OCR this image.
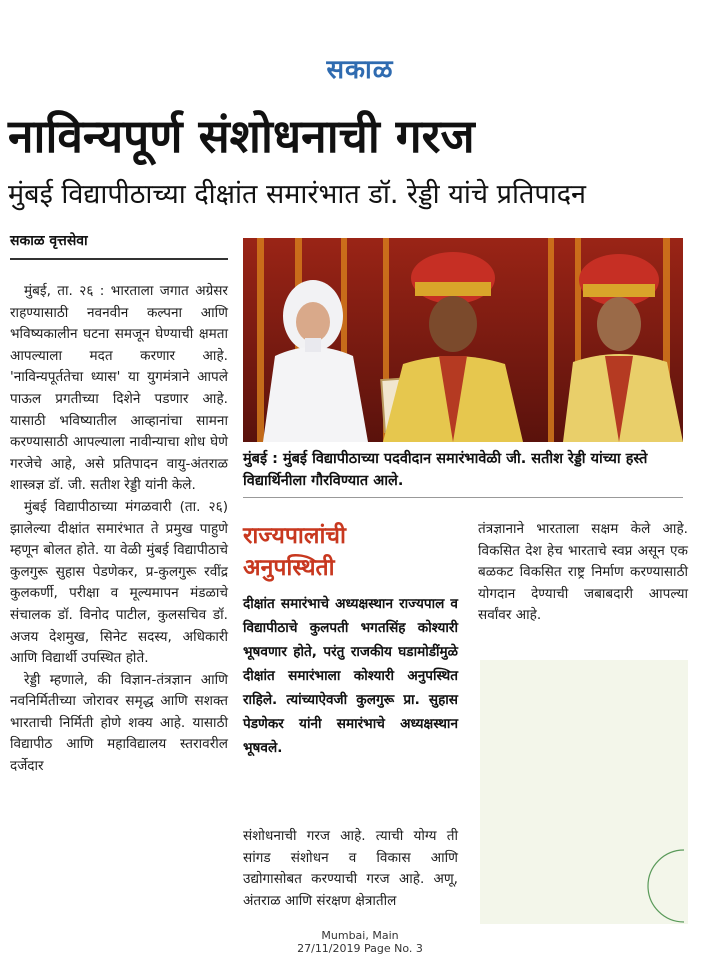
सकाळ
नाविन्यपूर्ण संशोधनाची गरज
मुंबई विद्यापीठाच्या दीक्षांत समारंभात डॉ. रेड्डी यांचे प्रतिपादन
सकाळ वृत्तसेवा

मुंबई, ता. २६ : भारताला जगात अग्रेसर राहण्यासाठी नवनवीन कल्पना आणि भविष्यकालीन घटना समजून घेण्याची क्षमता आपल्याला मदत करणार आहे. 'नाविन्यपूर्ततेचा ध्यास' या युगमंत्राने आपले पाऊल प्रगतीच्या दिशेने पडणार आहे. यासाठी भविष्यातील आव्हानांचा सामना करण्यासाठी आपल्याला नावीन्याचा शोध घेणे गरजेचे आहे, असे प्रतिपादन वायु-अंतराळ शास्त्रज्ञ डॉ. जी. सतीश रेड्डी यांनी केले.

मुंबई विद्यापीठाच्या मंगळवारी (ता. २६) झालेल्या दीक्षांत समारंभात ते प्रमुख पाहुणे म्हणून बोलत होते. या वेळी मुंबई विद्यापीठाचे कुलगुरू सुहास पेडणेकर, प्र-कुलगुरू रवींद्र कुलकर्णी, परीक्षा व मूल्यमापन मंडळाचे संचालक डॉ. विनोद पाटील, कुलसचिव डॉ. अजय देशमुख, सिनेट सदस्य, अधिकारी आणि विद्यार्थी उपस्थित होते.

रेड्डी म्हणाले, की विज्ञान-तंत्रज्ञान आणि नवनिर्मितीच्या जोरावर समृद्ध आणि सशक्त भारताची निर्मिती होणे शक्य आहे. यासाठी विद्यापीठ आणि महाविद्यालय स्तरावरील दर्जेदार

मुंबई : मुंबई विद्यापीठाच्या पदवीदान समारंभावेळी जी. सतीश रेड्डी यांच्या हस्ते विद्यार्थिनीला गौरविण्यात आले.
राज्यपालांची अनुपस्थिती
दीक्षांत समारंभाचे अध्यक्षस्थान राज्यपाल व विद्यापीठाचे कुलपती भगतसिंह कोश्यारी भूषवणार होते, परंतु राजकीय घडामोडींमुळे दीक्षांत समारंभाला कोश्यारी अनुपस्थित राहिले. त्यांच्याऐवजी कुलगुरू प्रा. सुहास पेडणेकर यांनी समारंभाचे अध्यक्षस्थान भूषवले.

संशोधनाची गरज आहे. त्याची योग्य ती सांगड संशोधन व विकास आणि उद्योगासोबत करण्याची गरज आहे. अणू, अंतराळ आणि संरक्षण क्षेत्रातील

तंत्रज्ञानाने भारताला सक्षम केले आहे. विकसित देश हेच भारताचे स्वप्न असून एक बळकट विकसित राष्ट्र निर्माण करण्यासाठी योगदान देण्याची जबाबदारी आपल्या सर्वांवर आहे.

Mumbai, Main
27/11/2019 Page No. 3
